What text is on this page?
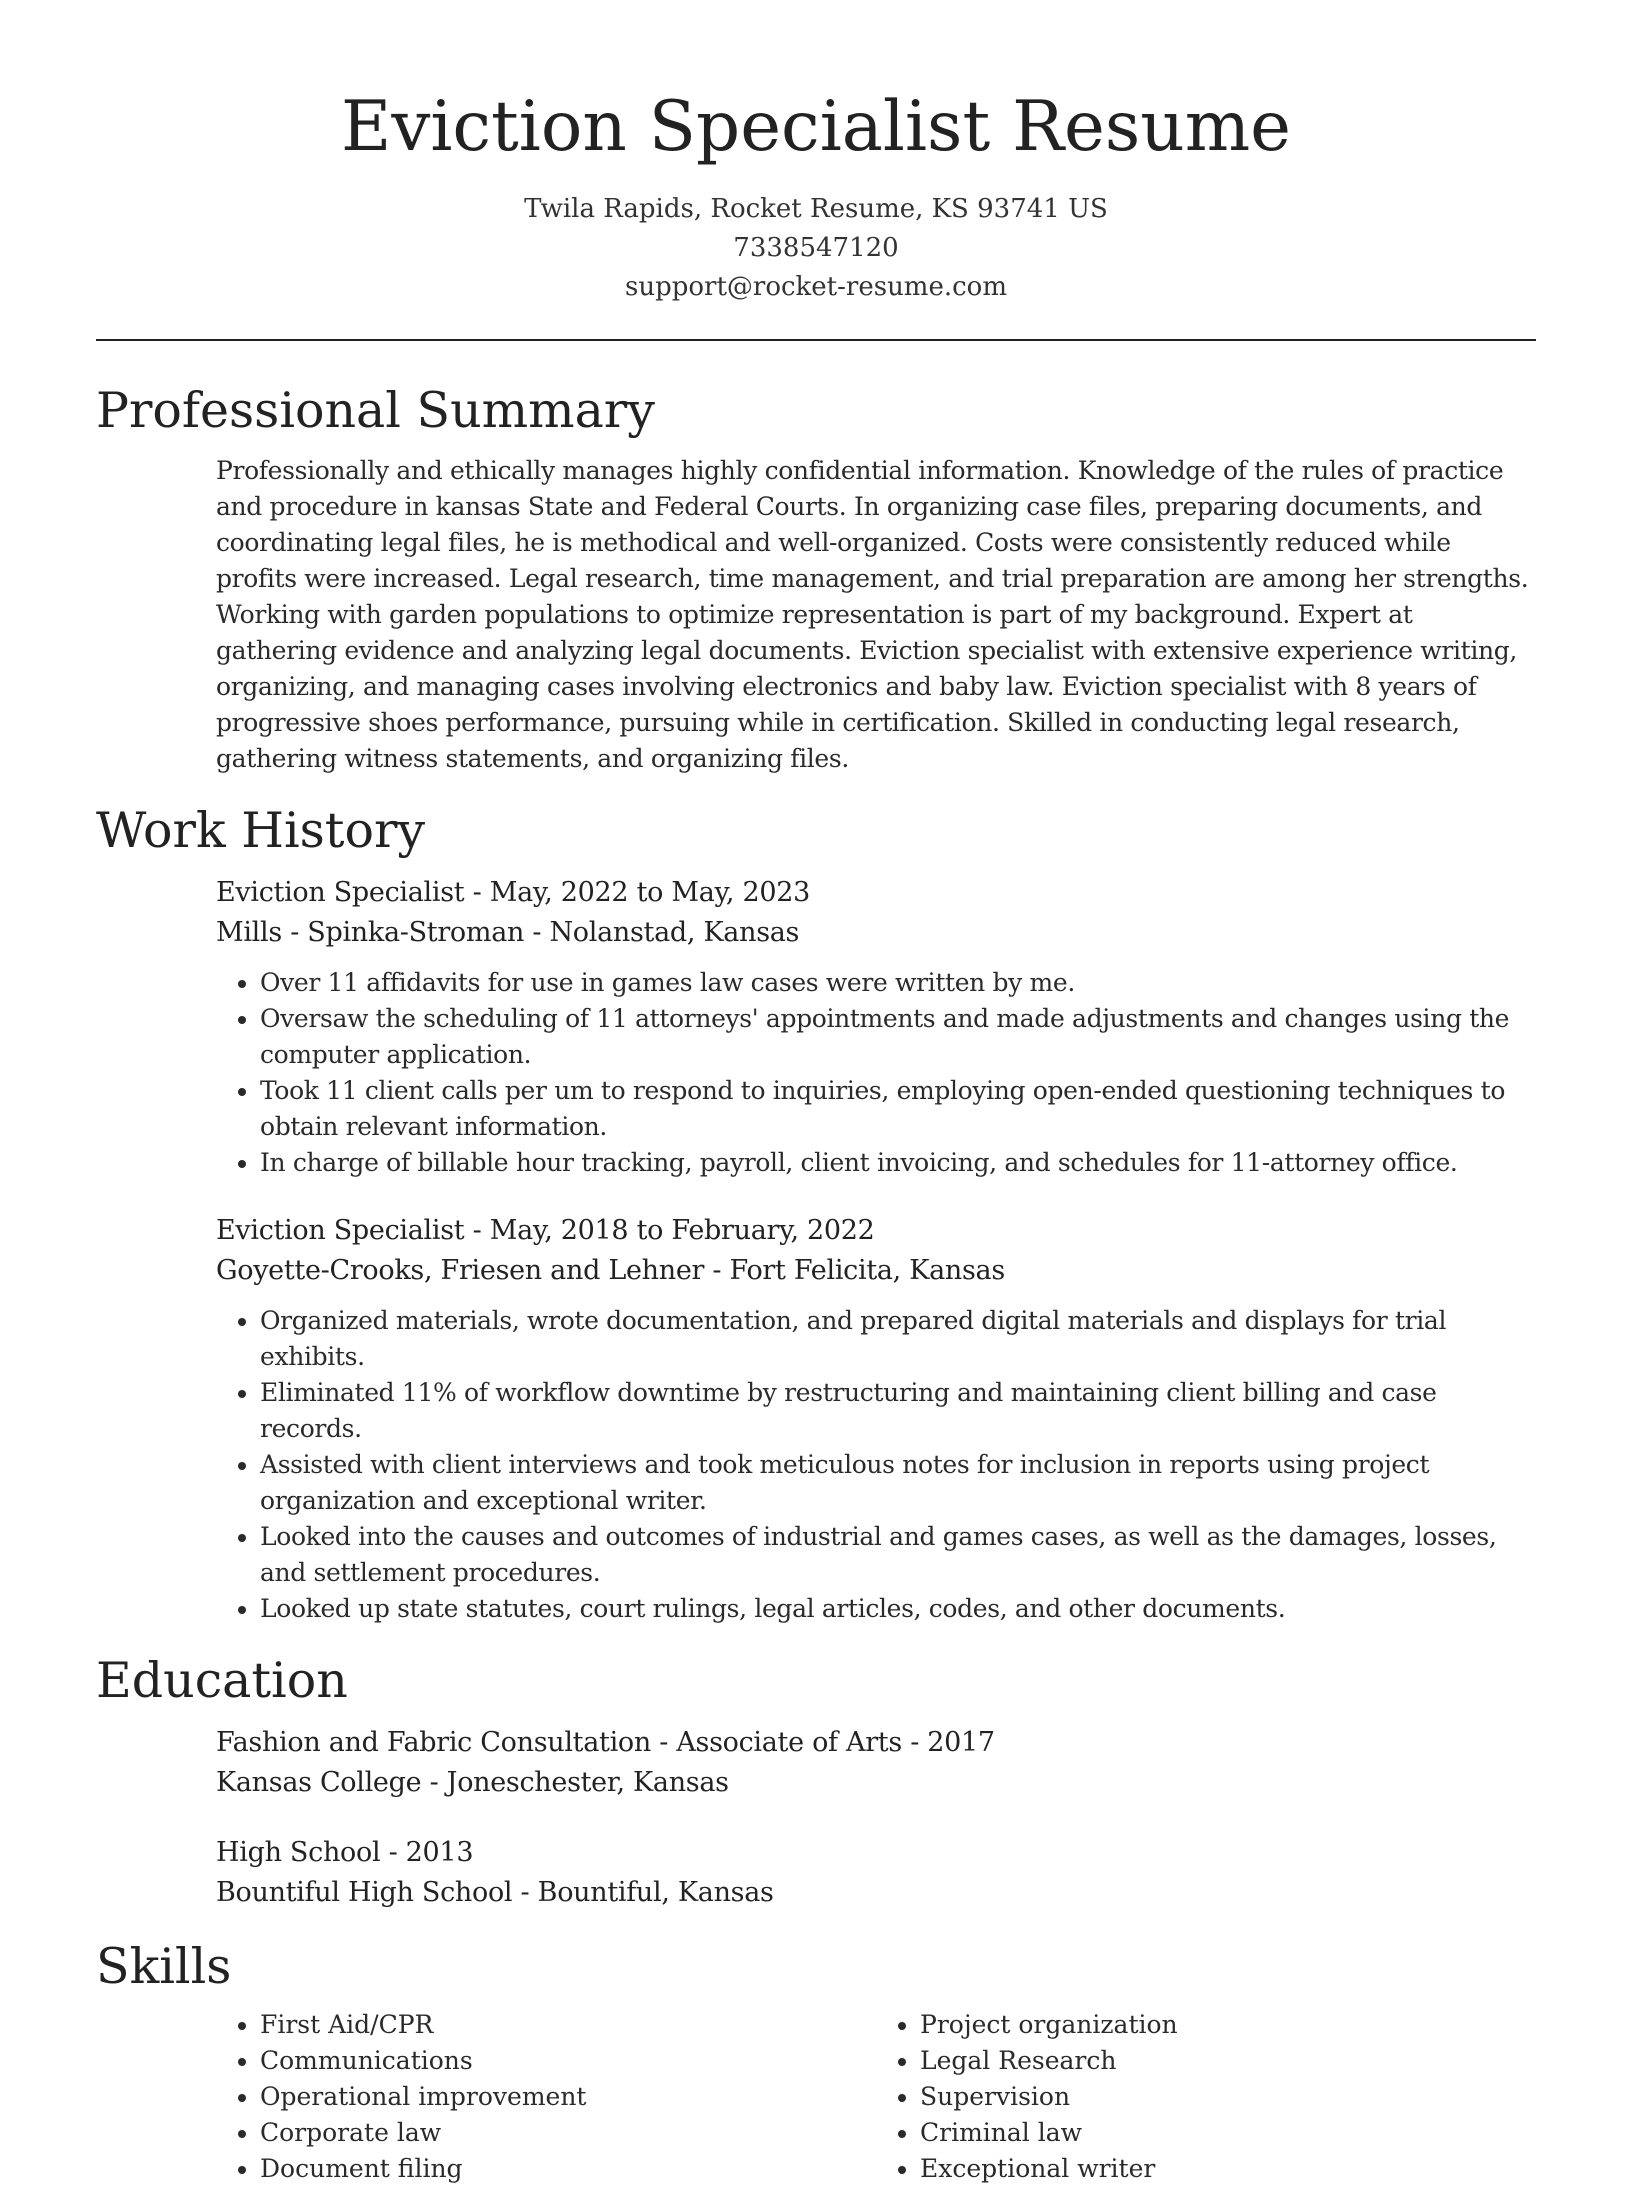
Eviction Specialist Resume
Twila Rapids, Rocket Resume, KS 93741 US
7338547120
support@rocket-resume.com
Professional Summary

Professionally and ethically manages highly confidential information. Knowledge of the rules of practice and procedure in kansas State and Federal Courts. In organizing case files, preparing documents, and coordinating legal files, he is methodical and well-organized. Costs were consistently reduced while profits were increased. Legal research, time management, and trial preparation are among her strengths. Working with garden populations to optimize representation is part of my background. Expert at gathering evidence and analyzing legal documents. Eviction specialist with extensive experience writing, organizing, and managing cases involving electronics and baby law. Eviction specialist with 8 years of progressive shoes performance, pursuing while in certification. Skilled in conducting legal research, gathering witness statements, and organizing files.

Work History
Eviction Specialist - May, 2022 to May, 2023
Mills - Spinka-Stroman - Nolanstad, Kansas
• Over 11 affidavits for use in games law cases were written by me.
• Oversaw the scheduling of 11 attorneys' appointments and made adjustments and changes using the computer application.
• Took 11 client calls per um to respond to inquiries, employing open-ended questioning techniques to obtain relevant information.
• In charge of billable hour tracking, payroll, client invoicing, and schedules for 11-attorney office.
Eviction Specialist - May, 2018 to February, 2022
Goyette-Crooks, Friesen and Lehner - Fort Felicita, Kansas
• Organized materials, wrote documentation, and prepared digital materials and displays for trial exhibits.
• Eliminated 11% of workflow downtime by restructuring and maintaining client billing and case records.
• Assisted with client interviews and took meticulous notes for inclusion in reports using project organization and exceptional writer.
• Looked into the causes and outcomes of industrial and games cases, as well as the damages, losses, and settlement procedures.
• Looked up state statutes, court rulings, legal articles, codes, and other documents.
Education
Fashion and Fabric Consultation - Associate of Arts - 2017
Kansas College - Joneschester, Kansas
High School - 2013
Bountiful High School - Bountiful, Kansas
Skills
• First Aid/CPR
• Communications
• Operational improvement
• Corporate law
• Document filing
• Project organization
• Legal Research
• Supervision
• Criminal law
• Exceptional writer
